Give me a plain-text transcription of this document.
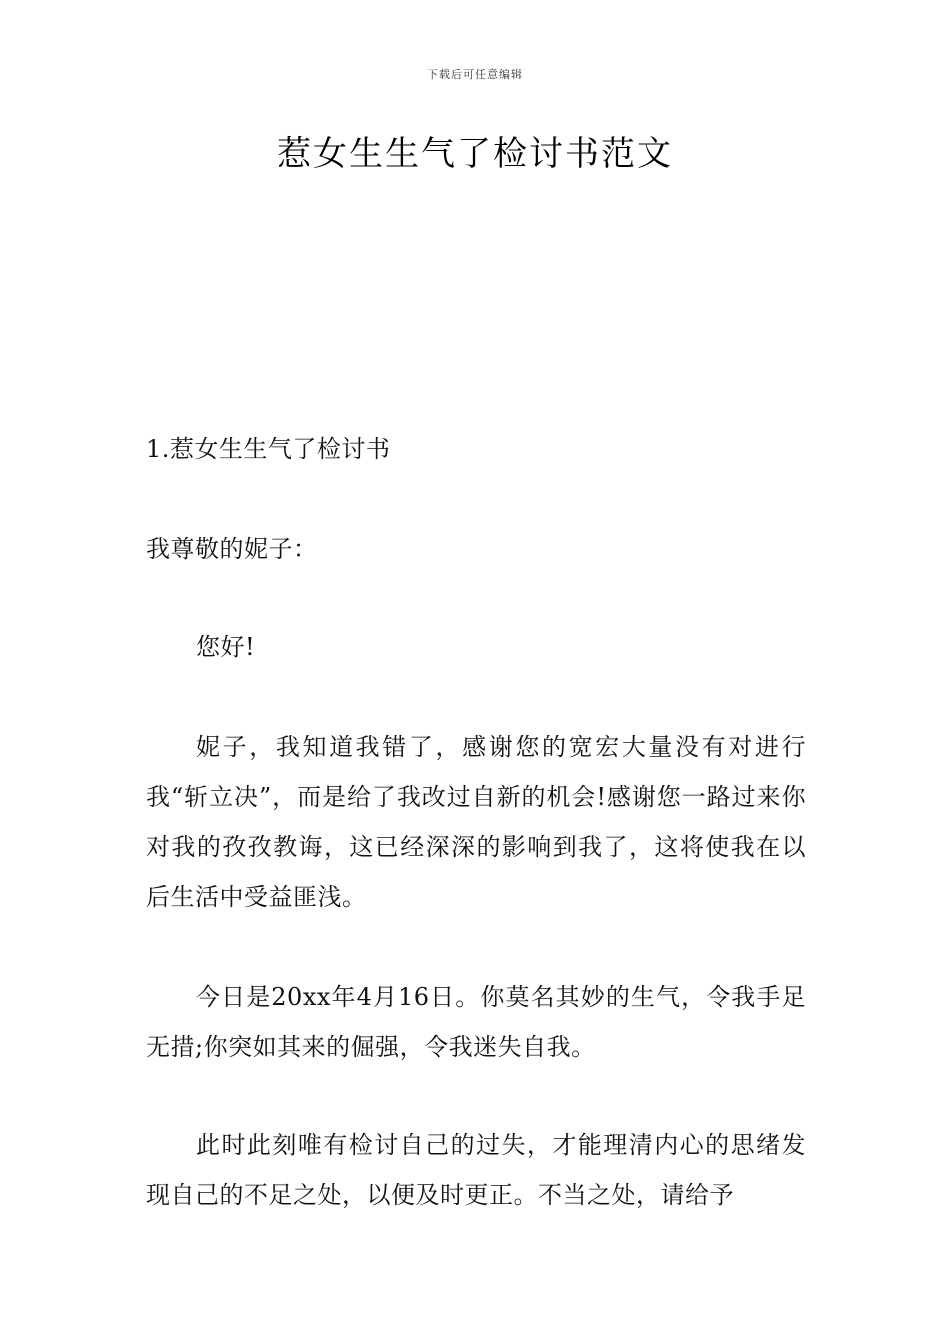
下载后可任意编辑
惹女生生气了检讨书范文

1.惹女生生气了检讨书

我尊敬的妮子：

您好!

妮子，我知道我错了，感谢您的宽宏大量没有对进行我“斩立决”，而是给了我改过自新的机会!感谢您一路过来你对我的孜孜教诲，这已经深深的影响到我了，这将使我在以后生活中受益匪浅。

今日是20xx年4月16日。你莫名其妙的生气，令我手足无措;你突如其来的倔强，令我迷失自我。

此时此刻唯有检讨自己的过失，才能理清内心的思绪发现自己的不足之处，以便及时更正。不当之处，请给予
